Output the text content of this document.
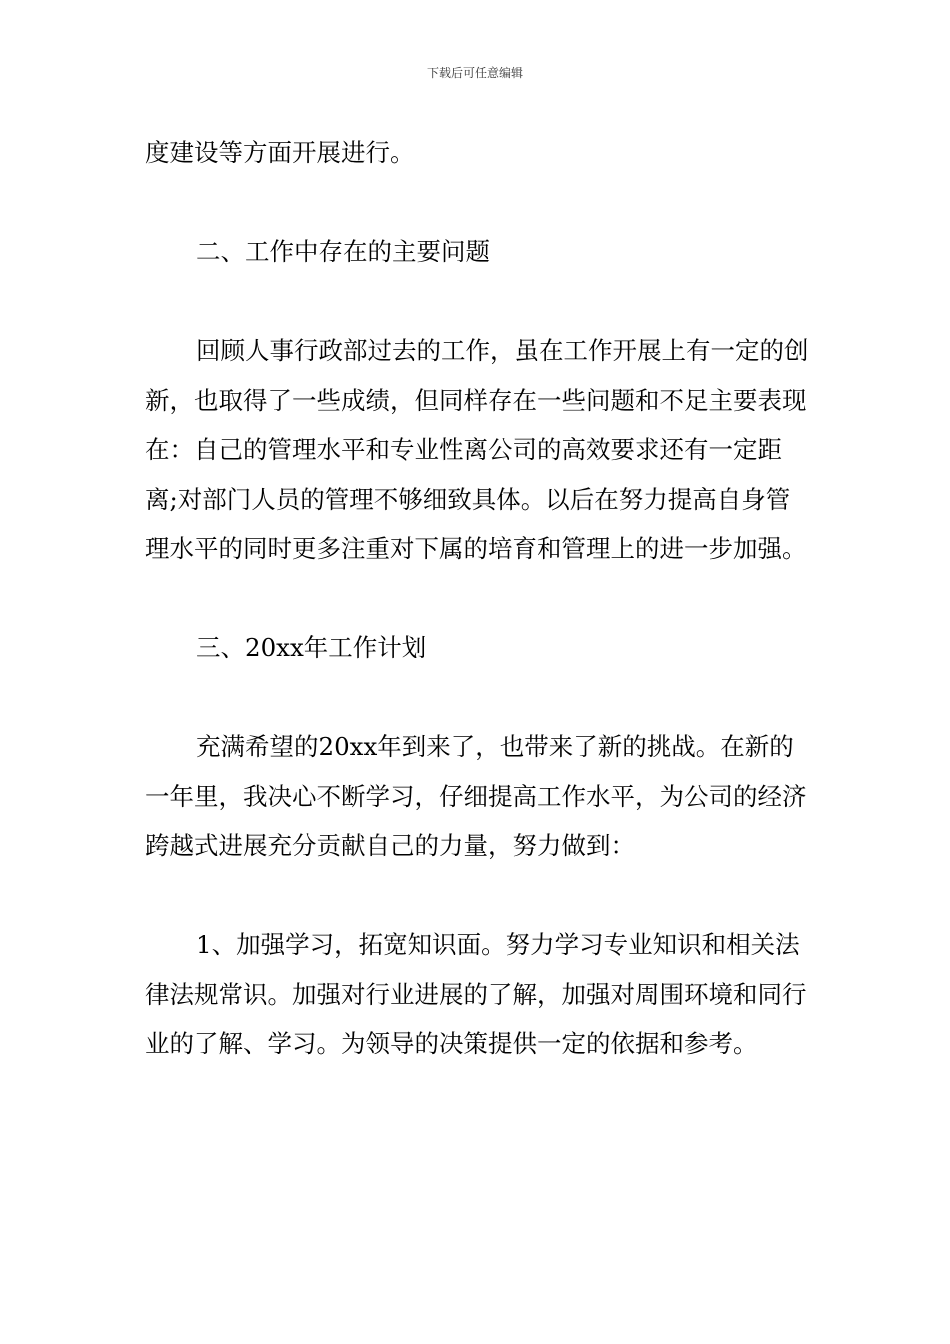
下载后可任意编辑

度建设等方面开展进行。

二、工作中存在的主要问题

回顾人事行政部过去的工作，虽在工作开展上有一定的创新，也取得了一些成绩，但同样存在一些问题和不足主要表现在：自己的管理水平和专业性离公司的高效要求还有一定距离;对部门人员的管理不够细致具体。以后在努力提高自身管理水平的同时更多注重对下属的培育和管理上的进一步加强。

三、20xx年工作计划

充满希望的20xx年到来了，也带来了新的挑战。在新的一年里，我决心不断学习，仔细提高工作水平，为公司的经济跨越式进展充分贡献自己的力量，努力做到：

1、加强学习，拓宽知识面。努力学习专业知识和相关法律法规常识。加强对行业进展的了解，加强对周围环境和同行业的了解、学习。为领导的决策提供一定的依据和参考。
